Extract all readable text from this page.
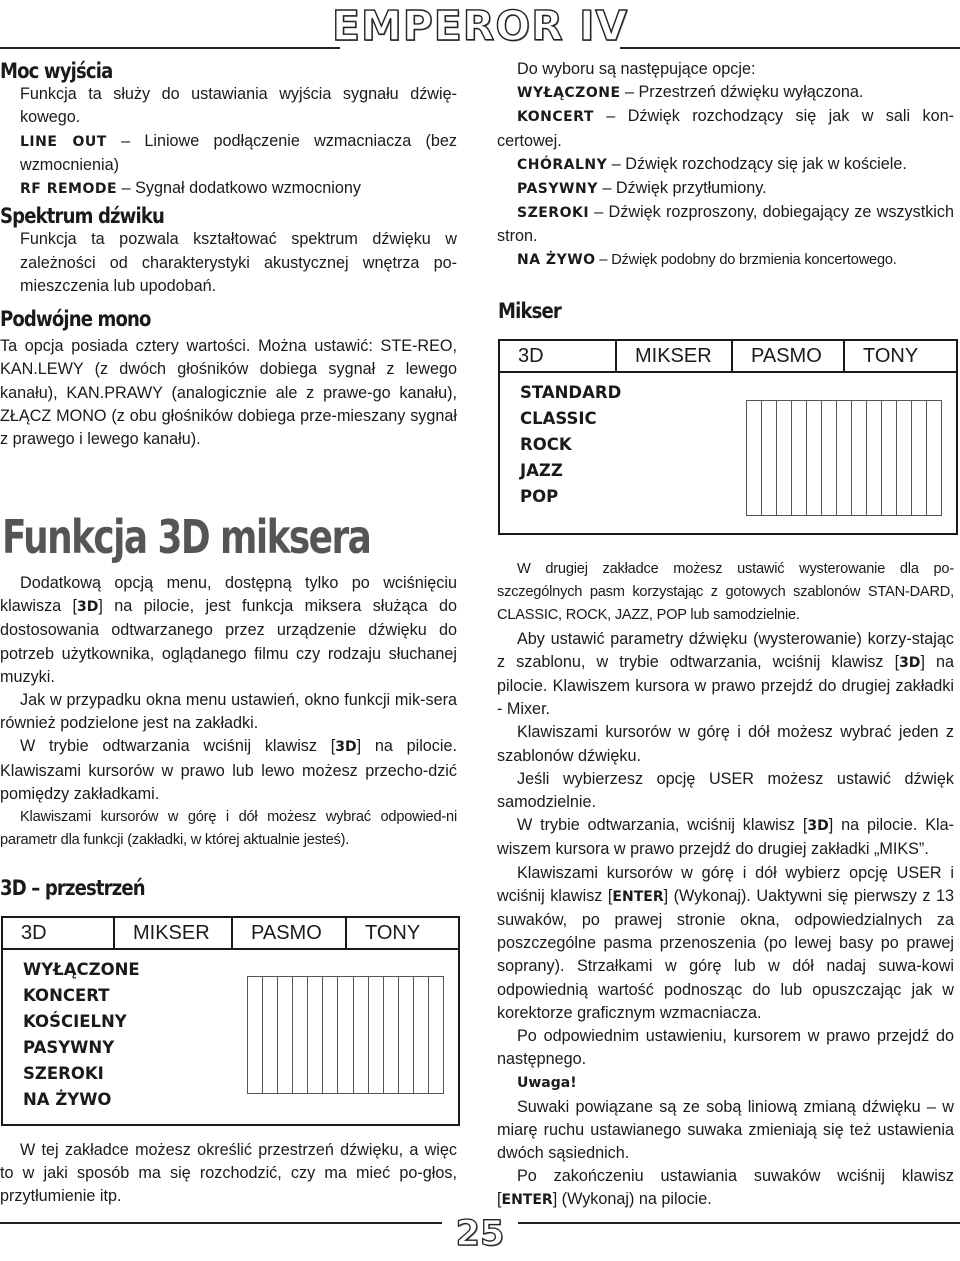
EMPEROR IV
Moc wyjścia

Funkcja ta służy do ustawiania wyjścia sygnału dźwię-kowego.

LINE OUT – Liniowe podłączenie wzmacniacza (bez wzmocnienia)

RF REMODE – Sygnał dodatkowo wzmocniony

Spektrum dźwiku

Funkcja ta pozwala kształtować spektrum dźwięku w zależności od charakterystyki akustycznej wnętrza po-mieszczenia lub upodobań.

Podwójne mono

Ta opcja posiada cztery wartości. Można ustawić: STE-REO, KAN.LEWY (z dwóch głośników dobiega sygnał z lewego kanału), KAN.PRAWY (analogicznie ale z prawe-go kanału), ZŁĄCZ MONO (z obu głośników dobiega prze-mieszany sygnał z prawego i lewego kanału).

Funkcja 3D miksera

Dodatkową opcją menu, dostępną tylko po wciśnięciu klawisza [3D] na pilocie, jest funkcja miksera służąca do dostosowania odtwarzanego przez urządzenie dźwięku do potrzeb użytkownika, oglądanego filmu czy rodzaju słuchanej muzyki.

Jak w przypadku okna menu ustawień, okno funkcji mik-sera również podzielone jest na zakładki.

W trybie odtwarzania wciśnij klawisz [3D] na pilocie. Klawiszami kursorów w prawo lub lewo możesz przecho-dzić pomiędzy zakładkami.

Klawiszami kursorów w górę i dół możesz wybrać odpowied-ni parametr dla funkcji (zakładki, w której aktualnie jesteś).

3D – przestrzeń
3D	MIKSER	PASMO	TONY
WYŁĄCZONE
KONCERT
KOŚCIELNY
PASYWNY
SZEROKI
NA ŻYWO

W tej zakładce możesz określić przestrzeń dźwięku, a więc to w jaki sposób ma się rozchodzić, czy ma mieć po-głos, przytłumienie itp.

Do wyboru są następujące opcje:

WYŁĄCZONE – Przestrzeń dźwięku wyłączona.

KONCERT – Dźwięk rozchodzący się jak w sali kon-certowej.

CHÓRALNY – Dźwięk rozchodzący się jak w kościele.

PASYWNY – Dźwięk przytłumiony.

SZEROKI – Dźwięk rozproszony, dobiegający ze wszystkich stron.

NA ŻYWO – Dźwięk podobny do brzmienia koncertowego.

Mikser
3D	MIKSER	PASMO	TONY
STANDARD
CLASSIC
ROCK
JAZZ
POP

W drugiej zakładce możesz ustawić wysterowanie dla po-szczególnych pasm korzystając z gotowych szablonów STAN-DARD, CLASSIC, ROCK, JAZZ, POP lub samodzielnie.

Aby ustawić parametry dźwięku (wysterowanie) korzy-stając z szablonu, w trybie odtwarzania, wciśnij klawisz [3D] na pilocie. Klawiszem kursora w prawo przejdź do drugiej zakładki - Mixer.

Klawiszami kursorów w górę i dół możesz wybrać jeden z szablonów dźwięku.

Jeśli wybierzesz opcję USER możesz ustawić dźwięk samodzielnie.

W trybie odtwarzania, wciśnij klawisz [3D] na pilocie. Kla-wiszem kursora w prawo przejdź do drugiej zakładki „MIKS”.

Klawiszami kursorów w górę i dół wybierz opcję USER i wciśnij klawisz [ENTER] (Wykonaj). Uaktywni się pierwszy z 13 suwaków, po prawej stronie okna, odpowiedzialnych za poszczególne pasma przenoszenia (po lewej basy po prawej soprany). Strzałkami w górę lub w dół nadaj suwa-kowi odpowiednią wartość podnosząc do lub opuszczając jak w korektorze graficznym wzmacniacza.

Po odpowiednim ustawieniu, kursorem w prawo przejdź do następnego.

Uwaga!

Suwaki powiązane są ze sobą liniową zmianą dźwięku – w miarę ruchu ustawianego suwaka zmieniają się też ustawienia dwóch sąsiednich.

Po zakończeniu ustawiania suwaków wciśnij klawisz [ENTER] (Wykonaj) na pilocie.

25
